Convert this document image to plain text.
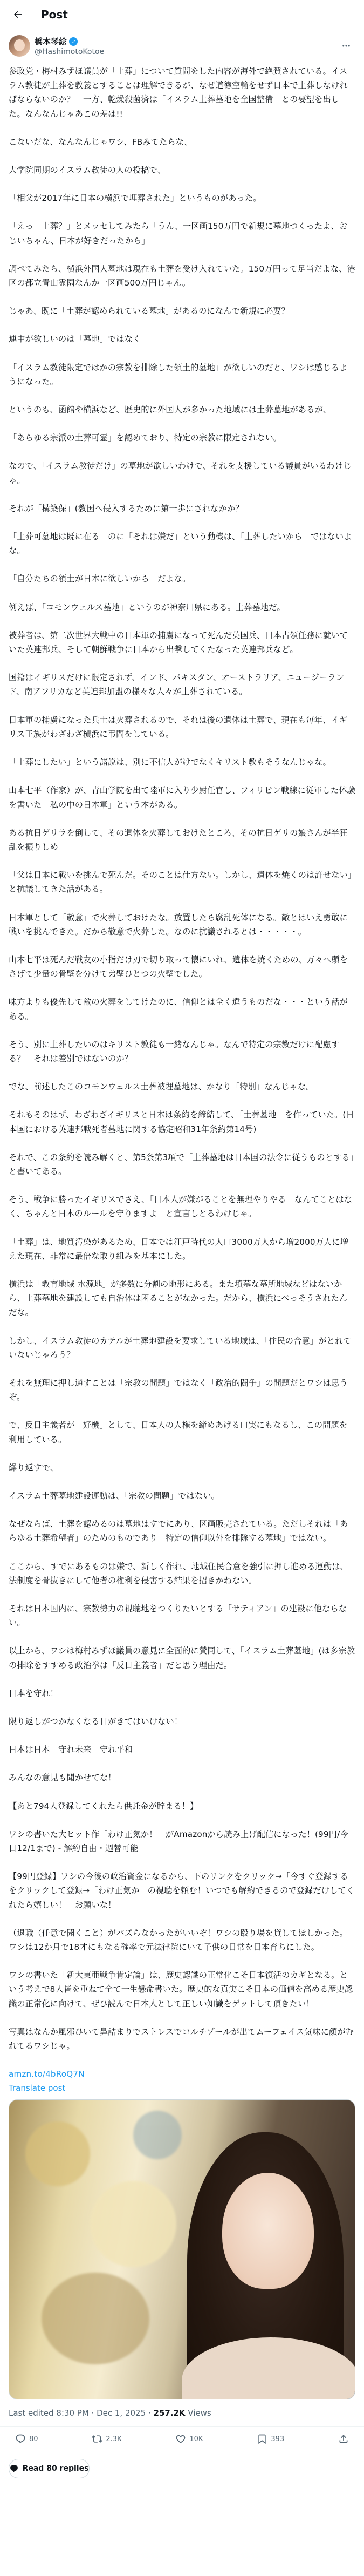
Post
橋本琴絵
@HashimotoKotoe

参政党・梅村みずほ議員が「土葬」について質問をした内容が海外で絶賛されている。イスラム教徒が土葬を教義とすることは理解できるが、なぜ道徳空輸をせず日本で土葬しなければならないのか？　一方、乾燥殺菌済は「イスラム土葬墓地を全国整備」との要望を出した。なんなんじゃあこの差は!!

こないだな、なんなんじゃワシ、FBみてたらな、

大学院同期のイスラム教徒の人の投稿で、

「相父が2017年に日本の横浜で埋葬された」というものがあった。

「えっ　土葬？」とメッセしてみたら「うん、一区画150万円で新規に墓地つくったよ、おじいちゃん、日本が好きだったから」

調べてみたら、横浜外国人墓地は現在も土葬を受け入れていた。150万円って足当だよな、港区の都立青山霊園なんか一区画500万円じゃん。

じゃあ、既に「土葬が認められている墓地」があるのになんで新規に必要？

連中が欲しいのは「墓地」ではなく

「イスラム教徒限定ではかの宗教を排除した領土的墓地」が欲しいのだと、ワシは感じるようになった。

というのも、函館や横浜など、歴史的に外国人が多かった地域には土葬墓地があるが、

「あらゆる宗派の土葬可霊」を認めており、特定の宗教に限定されない。

なので、「イスラム教徒だけ」の墓地が欲しいわけで、それを支援している議員がいるわけじゃ。

それが「構築保」(教国へ侵入するために第一歩にされなかか？

「土葬可墓地は既に在る」のに「それは嫌だ」という動機は、「土葬したいから」ではないよな。

「自分たちの領土が日本に欲しいから」だよな。

例えば、「コモンウェルス墓地」というのが神奈川県にある。土葬墓地だ。

被葬者は、第二次世界大戦中の日本軍の捕虜になって死んだ英国兵、日本占領任務に就いていた英連邦兵、そして朝鮮戦争に日本から出撃してくたなった英連邦兵など。

国籍はイギリスだけに限定されず、インド、パキスタン、オーストラリア、ニュージーランド、南アフリカなど英連邦加盟の様々な人々が土葬されている。

日本軍の捕虜になった兵士は火葬されるので、それは後の遺体は土葬で、現在も毎年、イギリス王族がわざわざ横浜に弔問をしている。

「土葬にしたい」という諸説は、別に不信人がけでなくキリスト教もそうなんじゃな。

山本七平（作家）が、青山学院を出て陸軍に入り少尉任官し、フィリピン戦線に従軍した体験を書いた「私の中の日本軍」という本がある。

ある抗日ゲリラを倒して、その遺体を火葬しておけたところ、その抗日ゲリの娘さんが半狂乱を振りしめ

「父は日本に戦いを挑んで死んだ。そのことは仕方ない。しかし、遺体を焼くのは許せない」と抗議してきた話がある。

日本軍として「敬意」で火葬しておけたな。放置したら腐乱死体になる。敵とはいえ勇敢に戦いを挑んできた。だから敬意で火葬した。なのに抗議されるとは・・・・・。

山本七平は死んだ戦友の小指だけ刃で切り取って懐にいれ、遺体を焼くための、万々へ頭をさげて少量の骨壁を分けて弟壁ひとつの火壁でした。

味方よりも優先して敵の火葬をしてけたのに、信仰とは全く違うものだな・・・という話がある。

そう、別に土葬したいのはキリスト教徒も一緒なんじゃ。なんで特定の宗教だけに配慮する？　それは差別ではないのか？

でな、前述したこのコモンウェルス土葬被埋墓地は、かなり「特別」なんじゃな。

それもそのはず、わざわざイギリスと日本は条約を締結して、「土葬墓地」を作っていた。(日本国における英連邦戦死者墓地に関する協定昭和31年条約第14号)

それで、この条約を読み解くと、第5条第3項で「土葬墓地は日本国の法令に従うものとする」と書いてある。

そう、戦争に勝ったイギリスでさえ、「日本人が嫌がることを無理やりやる」なんてことはなく、ちゃんと日本のルールを守りますよ」と宣言しとるわけじゃ。

「土葬」は、地質汚染があるため、日本では江戸時代の人口3000万人から増2000万人に増えた現在、非常に最倍な取り組みを基本にした。

横浜は「教育地域 水源地」が多数に分割の地形にある。また墳墓な墓所地域などはないから、土葬墓地を建設しても自治体は困ることがなかった。だから、横浜にべっそうされたんだな。

しかし、イスラム教徒のカテルが土葬地建設を要求している地域は、「住民の合意」がとれていないじゃろう？

それを無理に押し通すことは「宗教の問題」ではなく「政治的闘争」の問題だとワシは思うぞ。

で、反日主義者が「好機」として、日本人の人権を締めあげる口実にもなるし、この問題を利用している。

繰り返すで、

イスラム土葬墓地建設運動は、「宗教の問題」ではない。

なぜならば、土葬を認めるのは墓地はすでにあり、区画販売されている。ただしそれは「あらゆる土葬希望者」のためのものであり「特定の信仰以外を排除する墓地」ではない。

ここから、すでにあるものは嫌で、新しく作れ、地域住民合意を強引に押し進める運動は、法制度を骨抜きにして他者の権利を侵害する結果を招きかねない。

それは日本国内に、宗教勢力の視聴地をつくりたいとする「サティアン」の建設に他ならない。

以上から、ワシは梅村みずほ議員の意見に全面的に賛同して、「イスラム土葬墓地」(は多宗教の排除をすすめる政治拳は「反日主義者」だと思う理由だ。

日本を守れ！

限り返しがつかなくなる日がきてはいけない！

日本は日本　守れ未来　守れ平和

みんなの意見も聞かせてな！

【あと794人登録してくれたら供託金が貯まる！】

ワシの書いた大ヒット作「わけ正気か！」がAmazonから読み上げ配信になった！(99円/今日12/1まで) - 解約自由・週替可能

【99円登録】ワシの今後の政治資金になるから、下のリンクをクリック→「今すぐ登録する」をクリックして登録→「わけ正気か」の視聴を頼む！いつでも解約できるので登録だけしてくれたら嬉しい！　お願いな！

（退職（任意で聞くこと）がバズらなかったがいいぞ！ワシの殴り場を貸してほしかった。ワシは12か月で18才にもなる確率で元法律院にいて子供の日常を日本育ちにした。

ワシの書いた「新大東亜戦争肯定論」は、歴史認識の正常化こそ日本復活のカギとなる。という考えで8人皆を重ねて全て一生懸命書いた。歴史的な真実こそ日本の価値を高める歴史認識の正常化に向けて、ぜひ読んで日本人として正しい知識をゲットして頂きたい！

写真はなんか風邪ひいて鼻詰まりでストレスでコルチゾールが出てムーフェイス気味に顔がむれてるワシじゃ。

amzn.to/4bRoQ7N

Translate post
Last edited 8:30 PM · Dec 1, 2025 · 257.2K Views
80	2.3K	10K	393
Read 80 replies
